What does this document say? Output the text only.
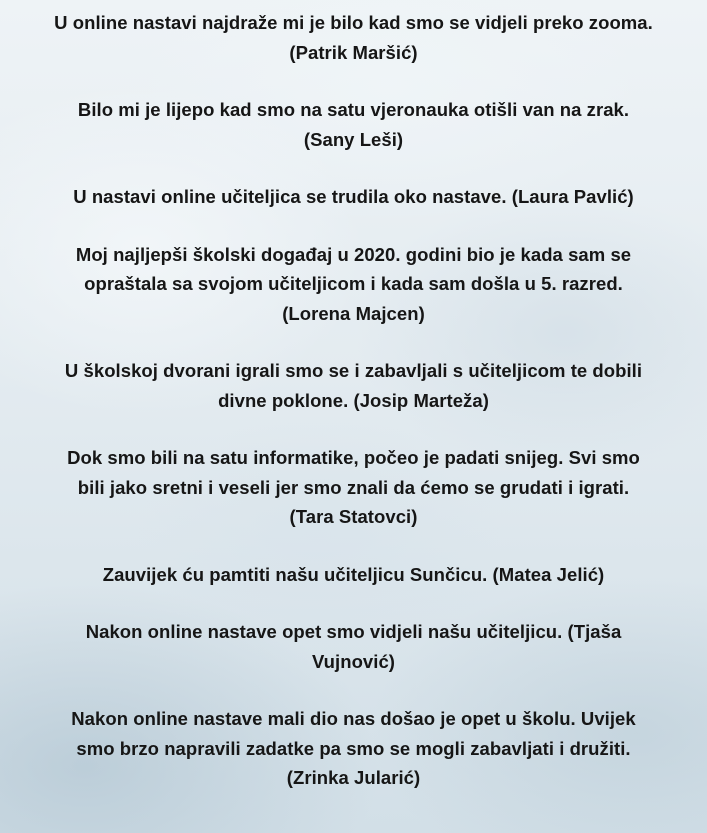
U online nastavi najdraže mi je bilo kad smo se vidjeli preko zooma.
(Patrik Maršić)

Bilo mi je lijepo kad smo na satu vjeronauka otišli van na zrak.
(Sany Leši)

U nastavi online učiteljica se trudila oko nastave. (Laura Pavlić)

Moj najljepši školski događaj u 2020. godini bio je kada sam se
opraštala sa svojom učiteljicom i kada sam došla u 5. razred.
(Lorena Majcen)

U školskoj dvorani igrali smo se i zabavljali s učiteljicom te dobili
divne poklone. (Josip Marteža)

Dok smo bili na satu informatike, počeo je padati snijeg. Svi smo
bili jako sretni i veseli jer smo znali da ćemo se grudati i igrati.
(Tara Statovci)

Zauvijek ću pamtiti našu učiteljicu Sunčicu. (Matea Jelić)

Nakon online nastave opet smo vidjeli našu učiteljicu. (Tjaša
Vujnović)

Nakon online nastave mali dio nas došao je opet u školu. Uvijek
smo brzo napravili zadatke pa smo se mogli zabavljati i družiti.
(Zrinka Jularić)
